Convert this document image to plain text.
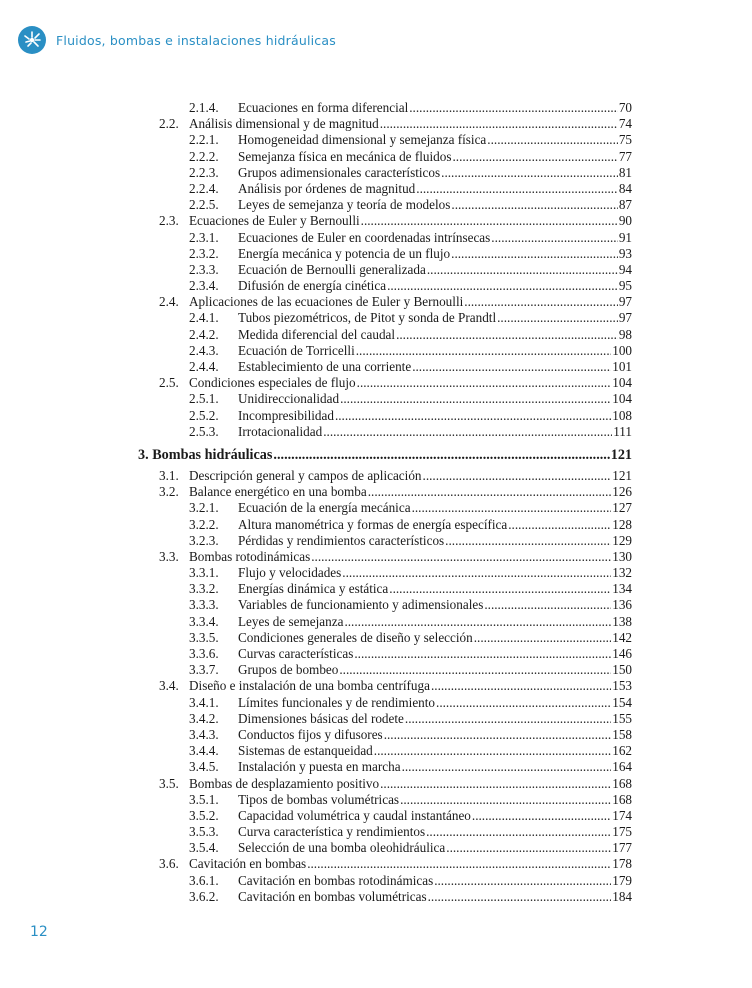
Fluidos, bombas e instalaciones hidráulicas
2.1.4. Ecuaciones en forma diferencial .....	70
2.2. Análisis dimensional y de magnitud .....	74
2.2.1. Homogeneidad dimensional y semejanza física .....	75
2.2.2. Semejanza física en mecánica de fluidos .....	77
2.2.3. Grupos adimensionales característicos .....	81
2.2.4. Análisis por órdenes de magnitud .....	84
2.2.5. Leyes de semejanza y teoría de modelos .....	87
2.3. Ecuaciones de Euler y Bernoulli .....	90
2.3.1. Ecuaciones de Euler en coordenadas intrínsecas .....	91
2.3.2. Energía mecánica y potencia de un flujo .....	93
2.3.3. Ecuación de Bernoulli generalizada .....	94
2.3.4. Difusión de energía cinética .....	95
2.4. Aplicaciones de las ecuaciones de Euler y Bernoulli .....	97
2.4.1. Tubos piezométricos, de Pitot y sonda de Prandtl .....	97
2.4.2. Medida diferencial del caudal .....	98
2.4.3. Ecuación de Torricelli .....	100
2.4.4. Establecimiento de una corriente .....	101
2.5. Condiciones especiales de flujo .....	104
2.5.1. Unidireccionalidad .....	104
2.5.2. Incompresibilidad .....	108
2.5.3. Irrotacionalidad .....	111
3. Bombas hidráulicas .....	121
3.1. Descripción general y campos de aplicación .....	121
3.2. Balance energético en una bomba .....	126
3.2.1. Ecuación de la energía mecánica .....	127
3.2.2. Altura manométrica y formas de energía específica .....	128
3.2.3. Pérdidas y rendimientos característicos .....	129
3.3. Bombas rotodinámicas .....	130
3.3.1. Flujo y velocidades .....	132
3.3.2. Energías dinámica y estática .....	134
3.3.3. Variables de funcionamiento y adimensionales .....	136
3.3.4. Leyes de semejanza .....	138
3.3.5. Condiciones generales de diseño y selección .....	142
3.3.6. Curvas características .....	146
3.3.7. Grupos de bombeo .....	150
3.4. Diseño e instalación de una bomba centrífuga .....	153
3.4.1. Límites funcionales y de rendimiento .....	154
3.4.2. Dimensiones básicas del rodete .....	155
3.4.3. Conductos fijos y difusores .....	158
3.4.4. Sistemas de estanqueidad .....	162
3.4.5. Instalación y puesta en marcha .....	164
3.5. Bombas de desplazamiento positivo .....	168
3.5.1. Tipos de bombas volumétricas .....	168
3.5.2. Capacidad volumétrica y caudal instantáneo .....	174
3.5.3. Curva característica y rendimientos .....	175
3.5.4. Selección de una bomba oleohidráulica .....	177
3.6. Cavitación en bombas .....	178
3.6.1. Cavitación en bombas rotodinámicas .....	179
3.6.2. Cavitación en bombas volumétricas .....	184
12
